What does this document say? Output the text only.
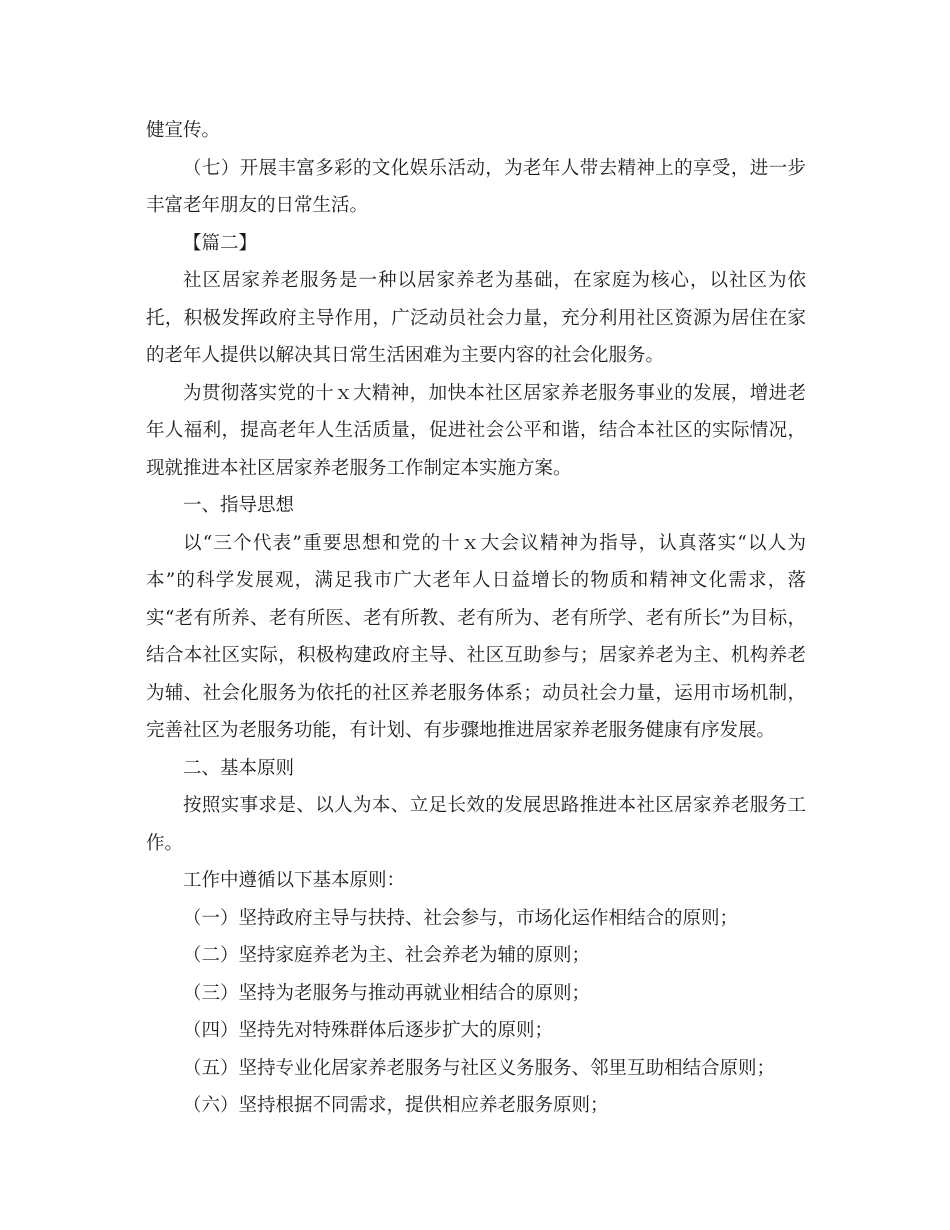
健宣传。

（七）开展丰富多彩的文化娱乐活动，为老年人带去精神上的享受，进一步丰富老年朋友的日常生活。

【篇二】

社区居家养老服务是一种以居家养老为基础，在家庭为核心，以社区为依托，积极发挥政府主导作用，广泛动员社会力量，充分利用社区资源为居住在家的老年人提供以解决其日常生活困难为主要内容的社会化服务。

为贯彻落实党的十ｘ大精神，加快本社区居家养老服务事业的发展，增进老年人福利，提高老年人生活质量，促进社会公平和谐，结合本社区的实际情况，现就推进本社区居家养老服务工作制定本实施方案。

一、指导思想

以“三个代表”重要思想和党的十ｘ大会议精神为指导，认真落实“以人为本”的科学发展观，满足我市广大老年人日益增长的物质和精神文化需求，落实“老有所养、老有所医、老有所教、老有所为、老有所学、老有所长”为目标，结合本社区实际，积极构建政府主导、社区互助参与；居家养老为主、机构养老为辅、社会化服务为依托的社区养老服务体系；动员社会力量，运用市场机制，完善社区为老服务功能，有计划、有步骤地推进居家养老服务健康有序发展。

二、基本原则

按照实事求是、以人为本、立足长效的发展思路推进本社区居家养老服务工作。

工作中遵循以下基本原则：

（一）坚持政府主导与扶持、社会参与，市场化运作相结合的原则；

（二）坚持家庭养老为主、社会养老为辅的原则；

（三）坚持为老服务与推动再就业相结合的原则；

（四）坚持先对特殊群体后逐步扩大的原则；

（五）坚持专业化居家养老服务与社区义务服务、邻里互助相结合原则；

（六）坚持根据不同需求，提供相应养老服务原则；
